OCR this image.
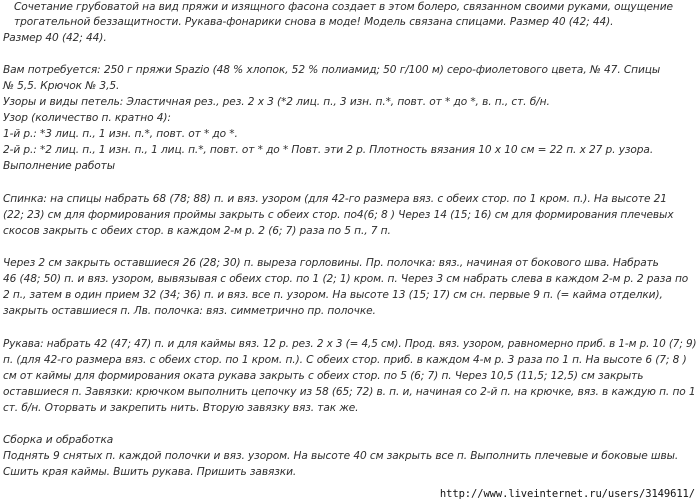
Сочетание грубоватой на вид пряжи и изящного фасона создает в этом болеро, связанном своими руками, ощущение
трогательной беззащитности. Рукава-фонарики снова в моде! Модель связана спицами. Размер 40 (42; 44).
Размер 40 (42; 44).
Вам потребуется: 250 г пряжи Spazio (48 % хлопок, 52 % полиамид; 50 г/100 м) серо-фиолетового цвета, № 47. Спицы
№ 5,5. Крючок № 3,5.
Узоры и виды петель: Эластичная рез., рез. 2 х 3 (*2 лиц. п., 3 изн. п.*, повт. от * до *, в. п., ст. б/н.
Узор (количество п. кратно 4):
1-й р.: *3 лиц. п., 1 изн. п.*, повт. от * до *.
2-й р.: *2 лиц. п., 1 изн. п., 1 лиц. п.*, повт. от * до * Повт. эти 2 р. Плотность вязания 10 х 10 см = 22 п. х 27 р. узора.
Выполнение работы
Спинка: на спицы набрать 68 (78; 88) п. и вяз. узором (для 42-го размера вяз. с обеих стор. по 1 кром. п.). На высоте 21
(22; 23) см для формирования проймы закрыть с обеих стор. по4(6; 8 ) Через 14 (15; 16) см для формирования плечевых
скосов закрыть с обеих стор. в каждом 2-м р. 2 (6; 7) раза по 5 п., 7 п.
Через 2 см закрыть оставшиеся 26 (28; 30) п. выреза горловины. Пр. полочка: вяз., начиная от бокового шва. Набрать
46 (48; 50) п. и вяз. узором, вывязывая с обеих стор. по 1 (2; 1) кром. п. Через 3 см набрать слева в каждом 2-м р. 2 раза по
2 п., затем в один прием 32 (34; 36) п. и вяз. все п. узором. На высоте 13 (15; 17) см сн. первые 9 п. (= кайма отделки),
закрыть оставшиеся п. Лв. полочка: вяз. симметрично пр. полочке.
Рукава: набрать 42 (47; 47) п. и для каймы вяз. 12 р. рез. 2 х 3 (= 4,5 см). Прод. вяз. узором, равномерно приб. в 1-м р. 10 (7; 9)
п. (для 42-го размера вяз. с обеих стор. по 1 кром. п.). С обеих стор. приб. в каждом 4-м р. 3 раза по 1 п. На высоте 6 (7; 8 )
см от каймы для формирования оката рукава закрыть с обеих стор. по 5 (6; 7) п. Через 10,5 (11,5; 12,5) см закрыть
оставшиеся п. Завязки: крючком выполнить цепочку из 58 (65; 72) в. п. и, начиная со 2-й п. на крючке, вяз. в каждую п. по 1
ст. б/н. Оторвать и закрепить нить. Вторую завязку вяз. так же.
Сборка и обработка
Поднять 9 снятых п. каждой полочки и вяз. узором. На высоте 40 см закрыть все п. Выполнить плечевые и боковые швы.
Сшить края каймы. Вшить рукава. Пришить завязки.
http://www.liveinternet.ru/users/3149611/
